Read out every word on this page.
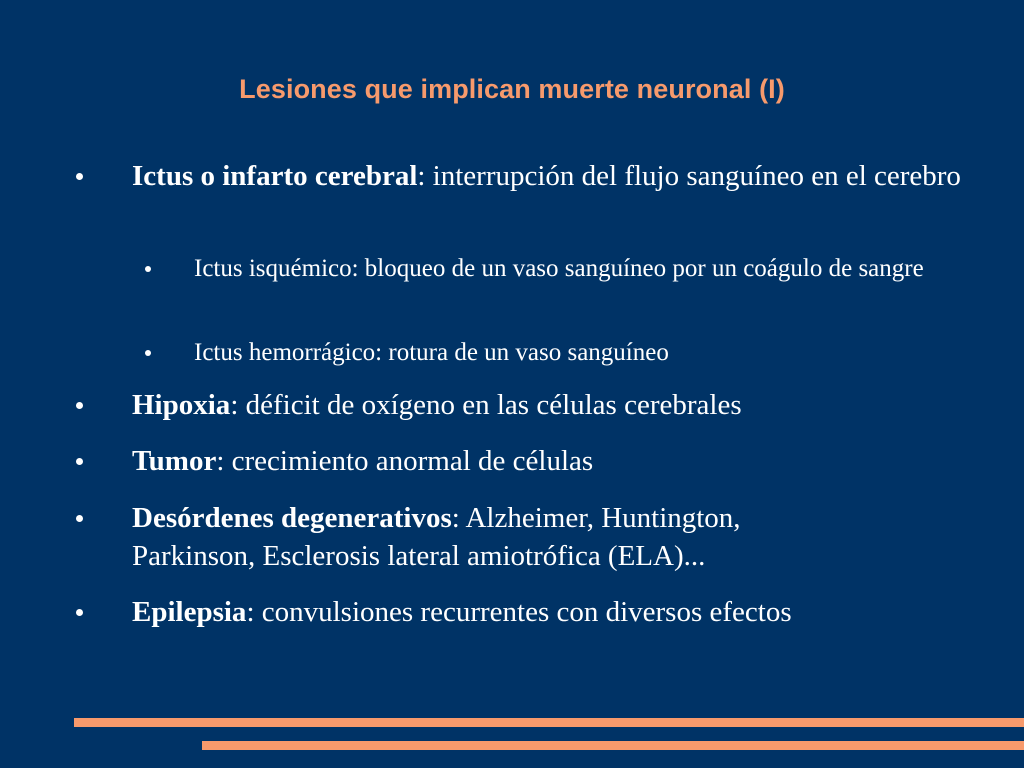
Lesiones que implican muerte neuronal (I)
Ictus o infarto cerebral: interrupción del flujo sanguíneo en el cerebro
Ictus isquémico: bloqueo de un vaso sanguíneo por un coágulo de sangre
Ictus hemorrágico: rotura de un vaso sanguíneo
Hipoxia: déficit de oxígeno en las células cerebrales
Tumor: crecimiento anormal de células
Desórdenes degenerativos: Alzheimer, Huntington, Parkinson, Esclerosis lateral amiotrófica (ELA)...
Epilepsia: convulsiones recurrentes con diversos efectos
